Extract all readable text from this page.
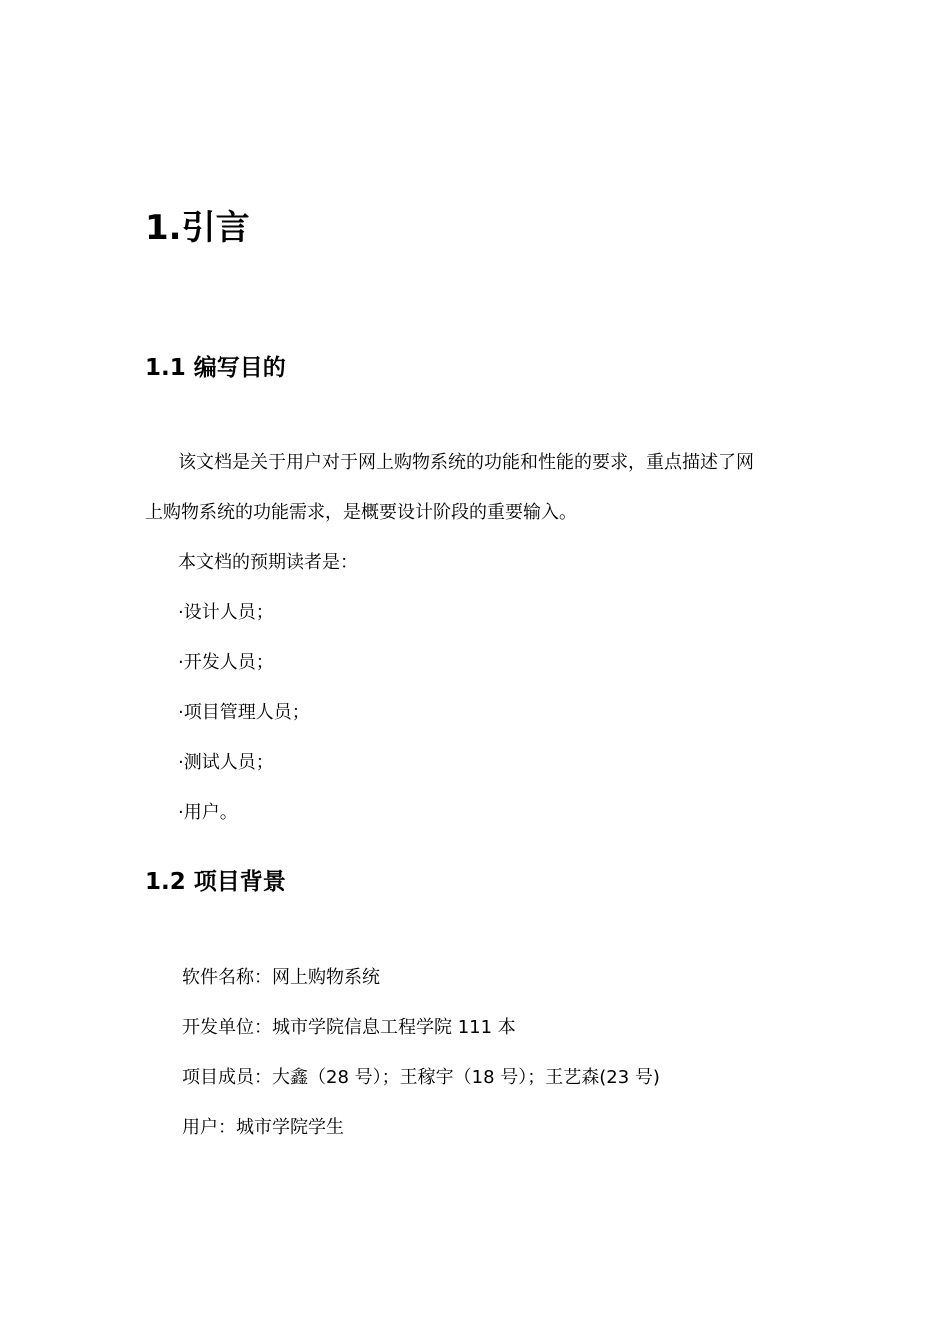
1.引言
1.1 编写目的

该文档是关于用户对于网上购物系统的功能和性能的要求，重点描述了网

上购物系统的功能需求，是概要设计阶段的重要输入。

本文档的预期读者是：

·设计人员；

·开发人员；

·项目管理人员；

·测试人员；

·用户。

1.2 项目背景

软件名称：网上购物系统

开发单位：城市学院信息工程学院 111 本

项目成员：大鑫（28 号）；王稼宇（18 号）；王艺森(23 号)

用户：城市学院学生
